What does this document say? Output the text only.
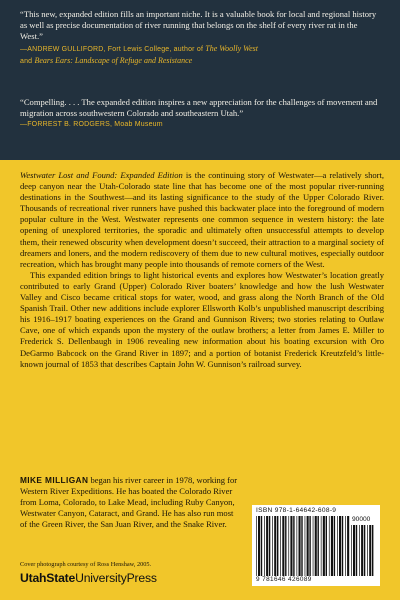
“This new, expanded edition fills an important niche. It is a valuable book for local and regional history as well as precise documentation of river running that belongs on the shelf of every river rat in the West.”
—ANDREW GULLIFORD, Fort Lewis College, author of The Woolly West
and Bears Ears: Landscape of Refuge and Resistance
“Compelling. . . . The expanded edition inspires a new appreciation for the challenges of movement and migration across southwestern Colorado and southeastern Utah.”
—FORREST B. RODGERS, Moab Museum

Westwater Lost and Found: Expanded Edition is the continuing story of Westwater—a relatively short, deep canyon near the Utah-Colorado state line that has become one of the most popular river-running destinations in the Southwest—and its lasting significance to the study of the Upper Colorado River. Thousands of recreational river runners have pushed this backwater place into the foreground of modern popular culture in the West. Westwater represents one common sequence in western history: the late opening of unexplored territories, the sporadic and ultimately often unsuccessful attempts to develop them, their renewed obscurity when development doesn’t succeed, their attraction to a marginal society of dreamers and loners, and the modern rediscovery of them due to new cultural motives, especially outdoor recreation, which has brought many people into thousands of remote corners of the West.

This expanded edition brings to light historical events and explores how Westwater’s location greatly contributed to early Grand (Upper) Colorado River boaters’ knowledge and how the lush Westwater Valley and Cisco became critical stops for water, wood, and grass along the North Branch of the Old Spanish Trail. Other new additions include explorer Ellsworth Kolb’s unpublished manuscript describing his 1916–1917 boating experiences on the Grand and Gunnison Rivers; two stories relating to Outlaw Cave, one of which expands upon the mystery of the outlaw brothers; a letter from James E. Miller to Frederick S. Dellenbaugh in 1906 revealing new information about his boating excursion with Oro DeGarmo Babcock on the Grand River in 1897; and a portion of botanist Frederick Kreutzfeld’s little-known journal of 1853 that describes Captain John W. Gunnison’s railroad survey.

MIKE MILLIGAN began his river career in 1978, working for Western River Expeditions. He has boated the Colorado River from Loma, Colorado, to Lake Mead, including Ruby Canyon, Westwater Canyon, Cataract, and Grand. He has also run most of the Green River, the San Juan River, and the Snake River.
Cover photograph courtesy of Ross Henshaw, 2005.
UtahStateUniversityPress
ISBN 978-1-64642-608-9
90000
9 781646 426089
